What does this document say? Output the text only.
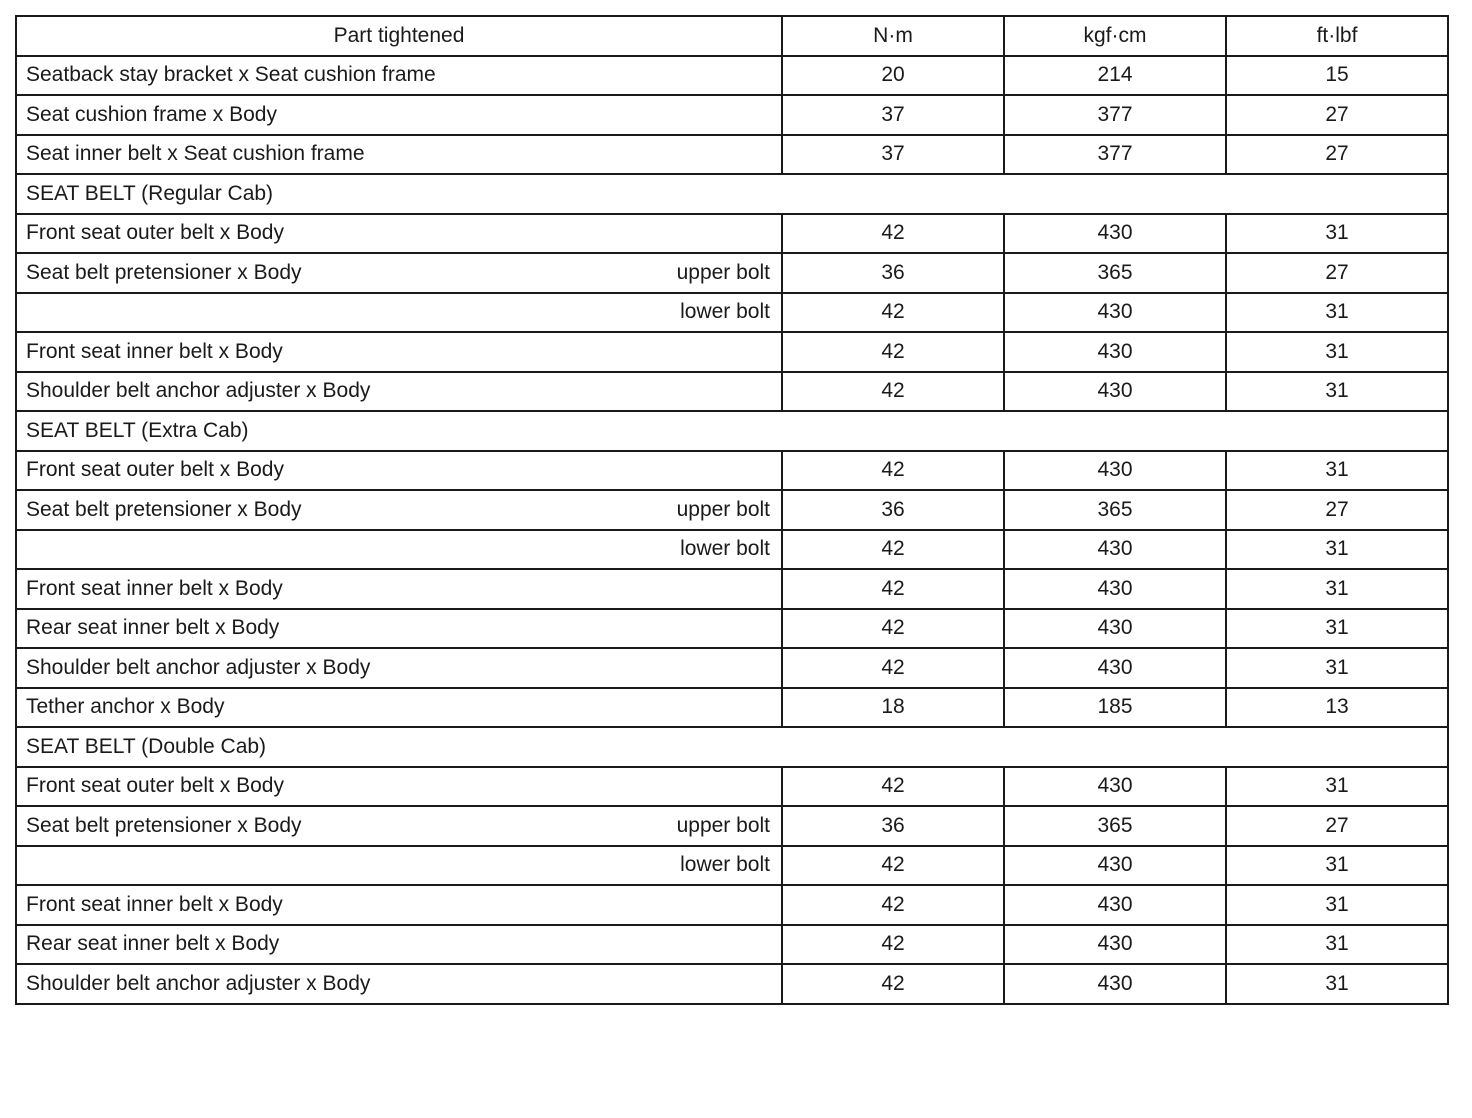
Part tightened	N·m	kgf·cm	ft·lbf

Seatback stay bracket x Seat cushion frame	20	214	15

Seat cushion frame x Body	37	377	27

Seat inner belt x Seat cushion frame	37	377	27
SEAT BELT (Regular Cab)			

Front seat outer belt x Body	42	430	31

Seat belt pretensioner x Body upper bolt	36	365	27

lower bolt	42	430	31

Front seat inner belt x Body	42	430	31

Shoulder belt anchor adjuster x Body	42	430	31
SEAT BELT (Extra Cab)			

Front seat outer belt x Body	42	430	31

Seat belt pretensioner x Body upper bolt	36	365	27

lower bolt	42	430	31

Front seat inner belt x Body	42	430	31

Rear seat inner belt x Body	42	430	31

Shoulder belt anchor adjuster x Body	42	430	31

Tether anchor x Body	18	185	13
SEAT BELT (Double Cab)			

Front seat outer belt x Body	42	430	31

Seat belt pretensioner x Body upper bolt	36	365	27

lower bolt	42	430	31

Front seat inner belt x Body	42	430	31

Rear seat inner belt x Body	42	430	31

Shoulder belt anchor adjuster x Body	42	430	31
